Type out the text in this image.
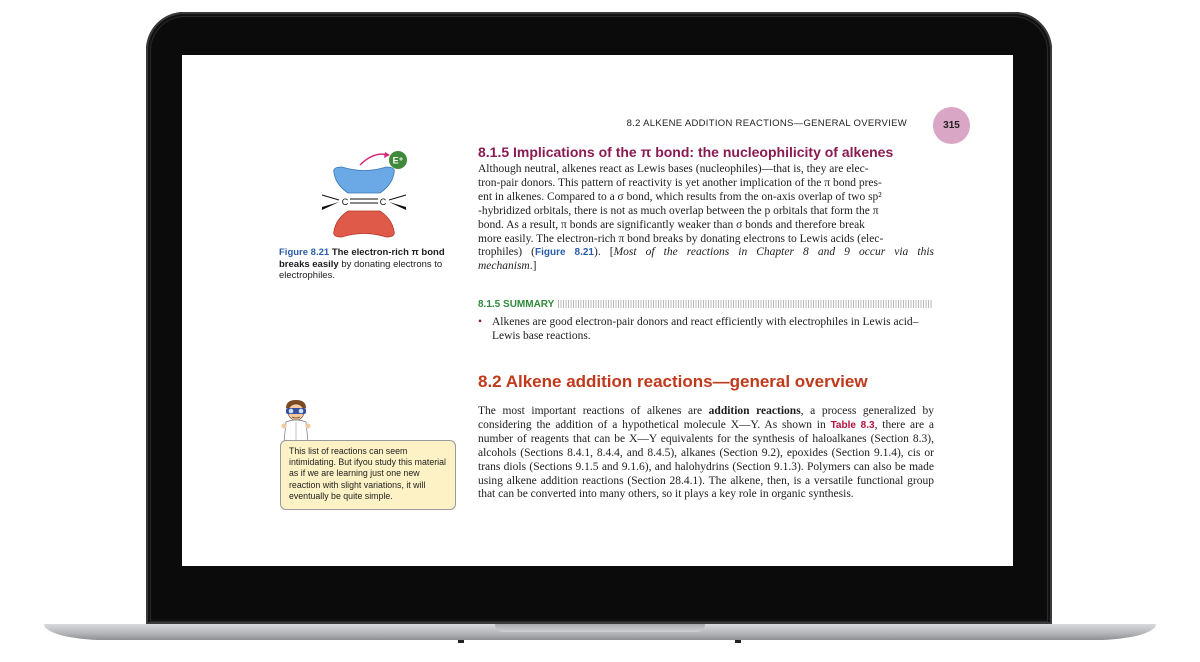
8.2 ALKENE ADDITION REACTIONS—GENERAL OVERVIEW	315
E⁺
C	C
Figure 8.21 The electron-rich π bond breaks easily by donating electrons to electrophiles.
8.1.5 Implications of the π bond: the nucleophilicity of alkenes
Although neutral, alkenes react as Lewis bases (nucleophiles)—that is, they are elec-
tron-pair donors. This pattern of reactivity is yet another implication of the π bond pres-
ent in alkenes. Compared to a σ bond, which results from the on-axis overlap of two sp²
-hybridized orbitals, there is not as much overlap between the p orbitals that form the π
bond. As a result, π bonds are significantly weaker than σ bonds and therefore break
more easily. The electron-rich π bond breaks by donating electrons to Lewis acids (elec-
trophiles) (Figure 8.21). [Most of the reactions in Chapter 8 and 9 occur via this
mechanism.]
8.1.5 SUMMARY
• Alkenes are good electron-pair donors and react efficiently with electrophiles in Lewis acid–Lewis base reactions.
8.2 Alkene addition reactions—general overview
The most important reactions of alkenes are addition reactions, a process generalized by considering the addition of a hypothetical molecule X—Y. As shown in Table 8.3, there are a number of reagents that can be X—Y equivalents for the synthesis of haloalkanes (Section 8.3), alcohols (Sections 8.4.1, 8.4.4, and 8.4.5), alkanes (Section 9.2), epoxides (Section 9.1.4), cis or trans diols (Sections 9.1.5 and 9.1.6), and halohydrins (Section 9.1.3). Polymers can also be made using alkene addition reactions (Section 28.4.1). The alkene, then, is a versatile functional group that can be converted into many others, so it plays a key role in organic synthesis.
This list of reactions can seem intimidating. But ifyou study this material as if we are learning just one new reaction with slight variations, it will eventually be quite simple.
